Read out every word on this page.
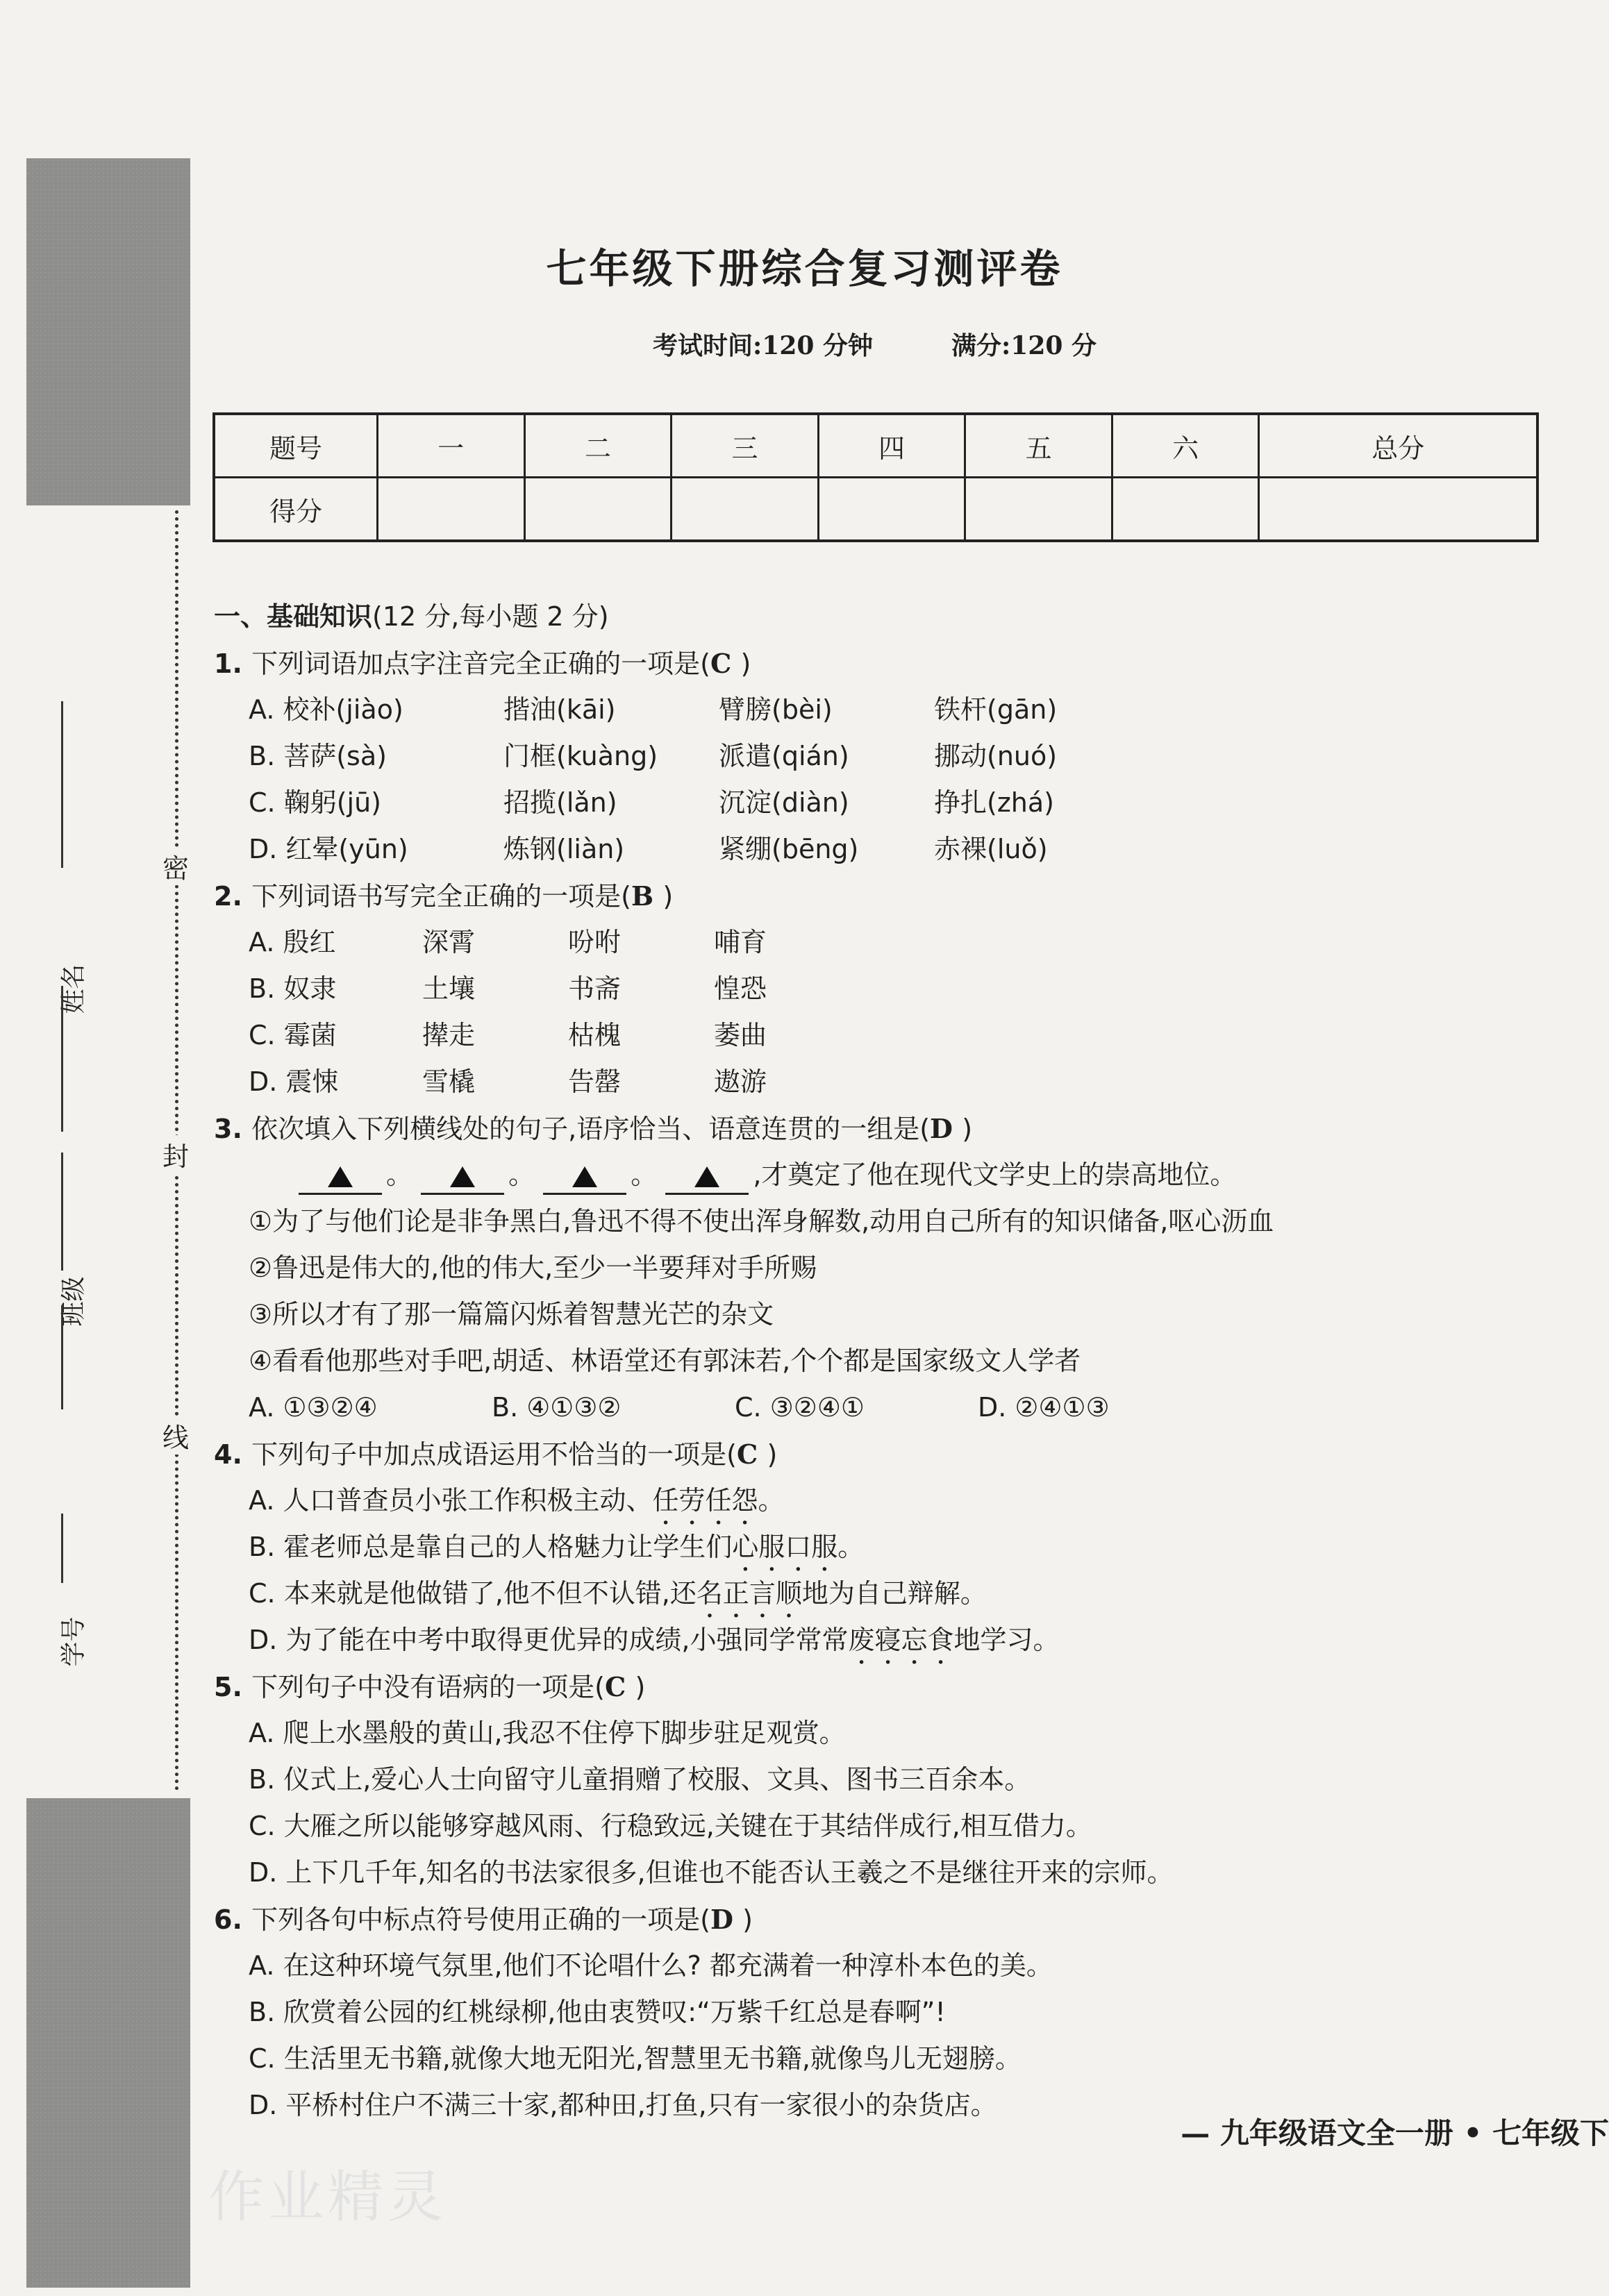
密
封
线
姓名
班级
学号
七年级下册综合复习测评卷
考试时间:120 分钟	满分:120 分
题号	一	二	三	四	五	六	总分
得分							
一、基础知识(12 分,每小题 2 分)
1. 下列词语加点字注音完全正确的一项是(C )
A. 校补(jiào)	揩油(kāi)	臂膀(bèi)	铁杆(gān)
B. 菩萨(sà)	门框(kuàng) 派遣(qián)	挪动(nuó)
C. 鞠躬(jū)	招揽(lǎn)	沉淀(diàn)	挣扎(zhá)
D. 红晕(yūn)	炼钢(liàn)	紧绷(bēng)	赤裸(luǒ)
2. 下列词语书写完全正确的一项是(B )
A. 殷红	深霄	吩咐	哺育
B. 奴隶	土壤	书斋	惶恐
C. 霉菌	撵走	枯槐	萎曲
D. 震悚	雪橇	告罄	遨游
3. 依次填入下列横线处的句子,语序恰当、语意连贯的一组是(D )
。	。	。	,才奠定了他在现代文学史上的崇高地位。
①为了与他们论是非争黑白,鲁迅不得不使出浑身解数,动用自己所有的知识储备,呕心沥血
②鲁迅是伟大的,他的伟大,至少一半要拜对手所赐
③所以才有了那一篇篇闪烁着智慧光芒的杂文
④看看他那些对手吧,胡适、林语堂还有郭沫若,个个都是国家级文人学者
A. ①③②④	B. ④①③②	C. ③②④①	D. ②④①③
4. 下列句子中加点成语运用不恰当的一项是(C )
A. 人口普查员小张工作积极主动、任劳任怨。
B. 霍老师总是靠自己的人格魅力让学生们心服口服。
C. 本来就是他做错了,他不但不认错,还名正言顺地为自己辩解。
D. 为了能在中考中取得更优异的成绩,小强同学常常废寝忘食地学习。
5. 下列句子中没有语病的一项是(C )
A. 爬上水墨般的黄山,我忍不住停下脚步驻足观赏。
B. 仪式上,爱心人士向留守儿童捐赠了校服、文具、图书三百余本。
C. 大雁之所以能够穿越风雨、行稳致远,关键在于其结伴成行,相互借力。
D. 上下几千年,知名的书法家很多,但谁也不能否认王羲之不是继往开来的宗师。
6. 下列各句中标点符号使用正确的一项是(D )
A. 在这种环境气氛里,他们不论唱什么? 都充满着一种淳朴本色的美。
B. 欣赏着公园的红桃绿柳,他由衷赞叹:“万紫千红总是春啊”!
C. 生活里无书籍,就像大地无阳光,智慧里无书籍,就像鸟儿无翅膀。
D. 平桥村住户不满三十家,都种田,打鱼,只有一家很小的杂货店。
作业精灵
— 九年级语文全一册 • 七年级下
